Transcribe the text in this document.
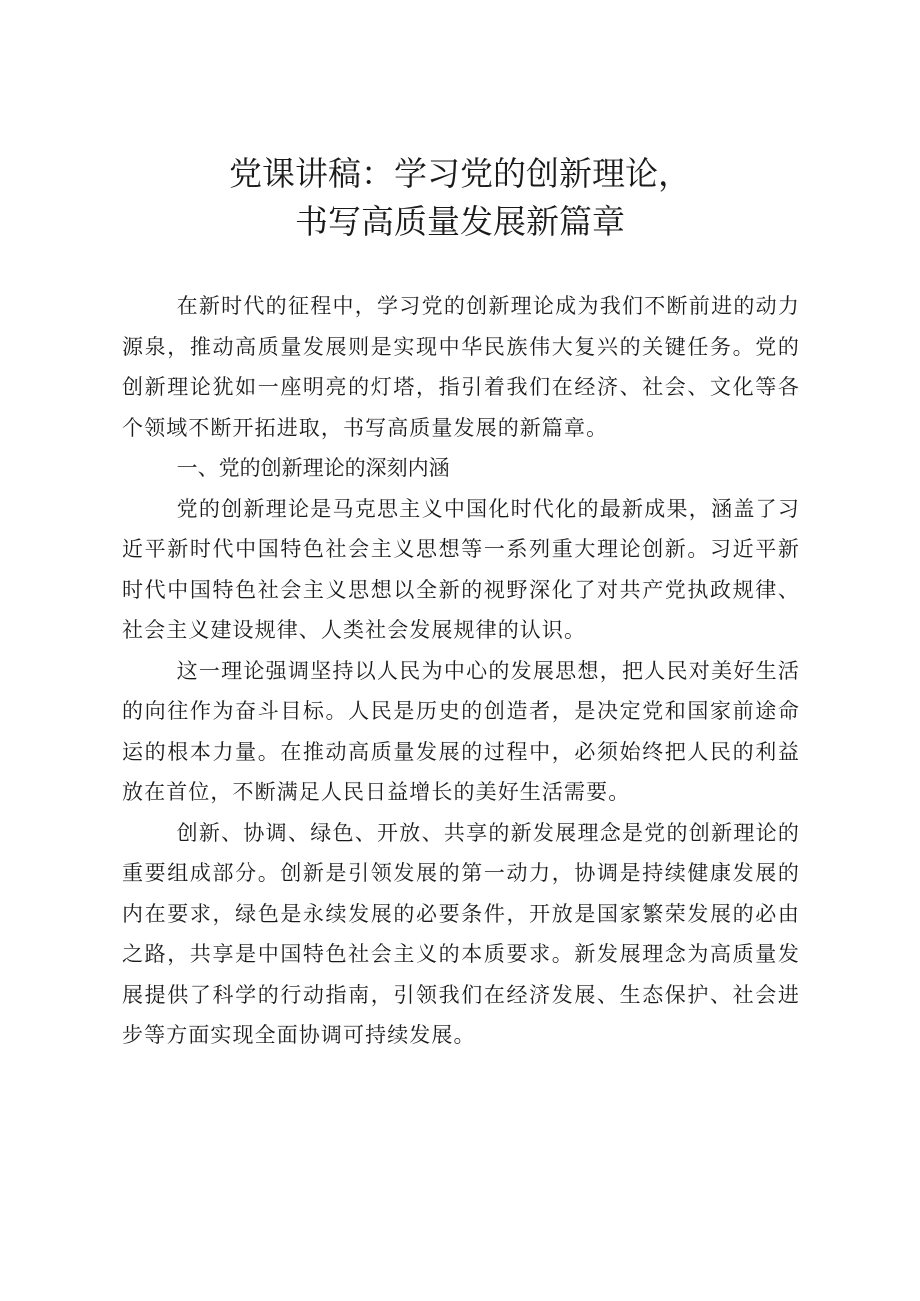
党课讲稿：学习党的创新理论，
书写高质量发展新篇章

在新时代的征程中，学习党的创新理论成为我们不断前进的动力源泉，推动高质量发展则是实现中华民族伟大复兴的关键任务。党的创新理论犹如一座明亮的灯塔，指引着我们在经济、社会、文化等各个领域不断开拓进取，书写高质量发展的新篇章。

一、党的创新理论的深刻内涵

党的创新理论是马克思主义中国化时代化的最新成果，涵盖了习近平新时代中国特色社会主义思想等一系列重大理论创新。习近平新时代中国特色社会主义思想以全新的视野深化了对共产党执政规律、社会主义建设规律、人类社会发展规律的认识。

这一理论强调坚持以人民为中心的发展思想，把人民对美好生活的向往作为奋斗目标。人民是历史的创造者，是决定党和国家前途命运的根本力量。在推动高质量发展的过程中，必须始终把人民的利益放在首位，不断满足人民日益增长的美好生活需要。

创新、协调、绿色、开放、共享的新发展理念是党的创新理论的重要组成部分。创新是引领发展的第一动力，协调是持续健康发展的内在要求，绿色是永续发展的必要条件，开放是国家繁荣发展的必由之路，共享是中国特色社会主义的本质要求。新发展理念为高质量发展提供了科学的行动指南，引领我们在经济发展、生态保护、社会进步等方面实现全面协调可持续发展。
